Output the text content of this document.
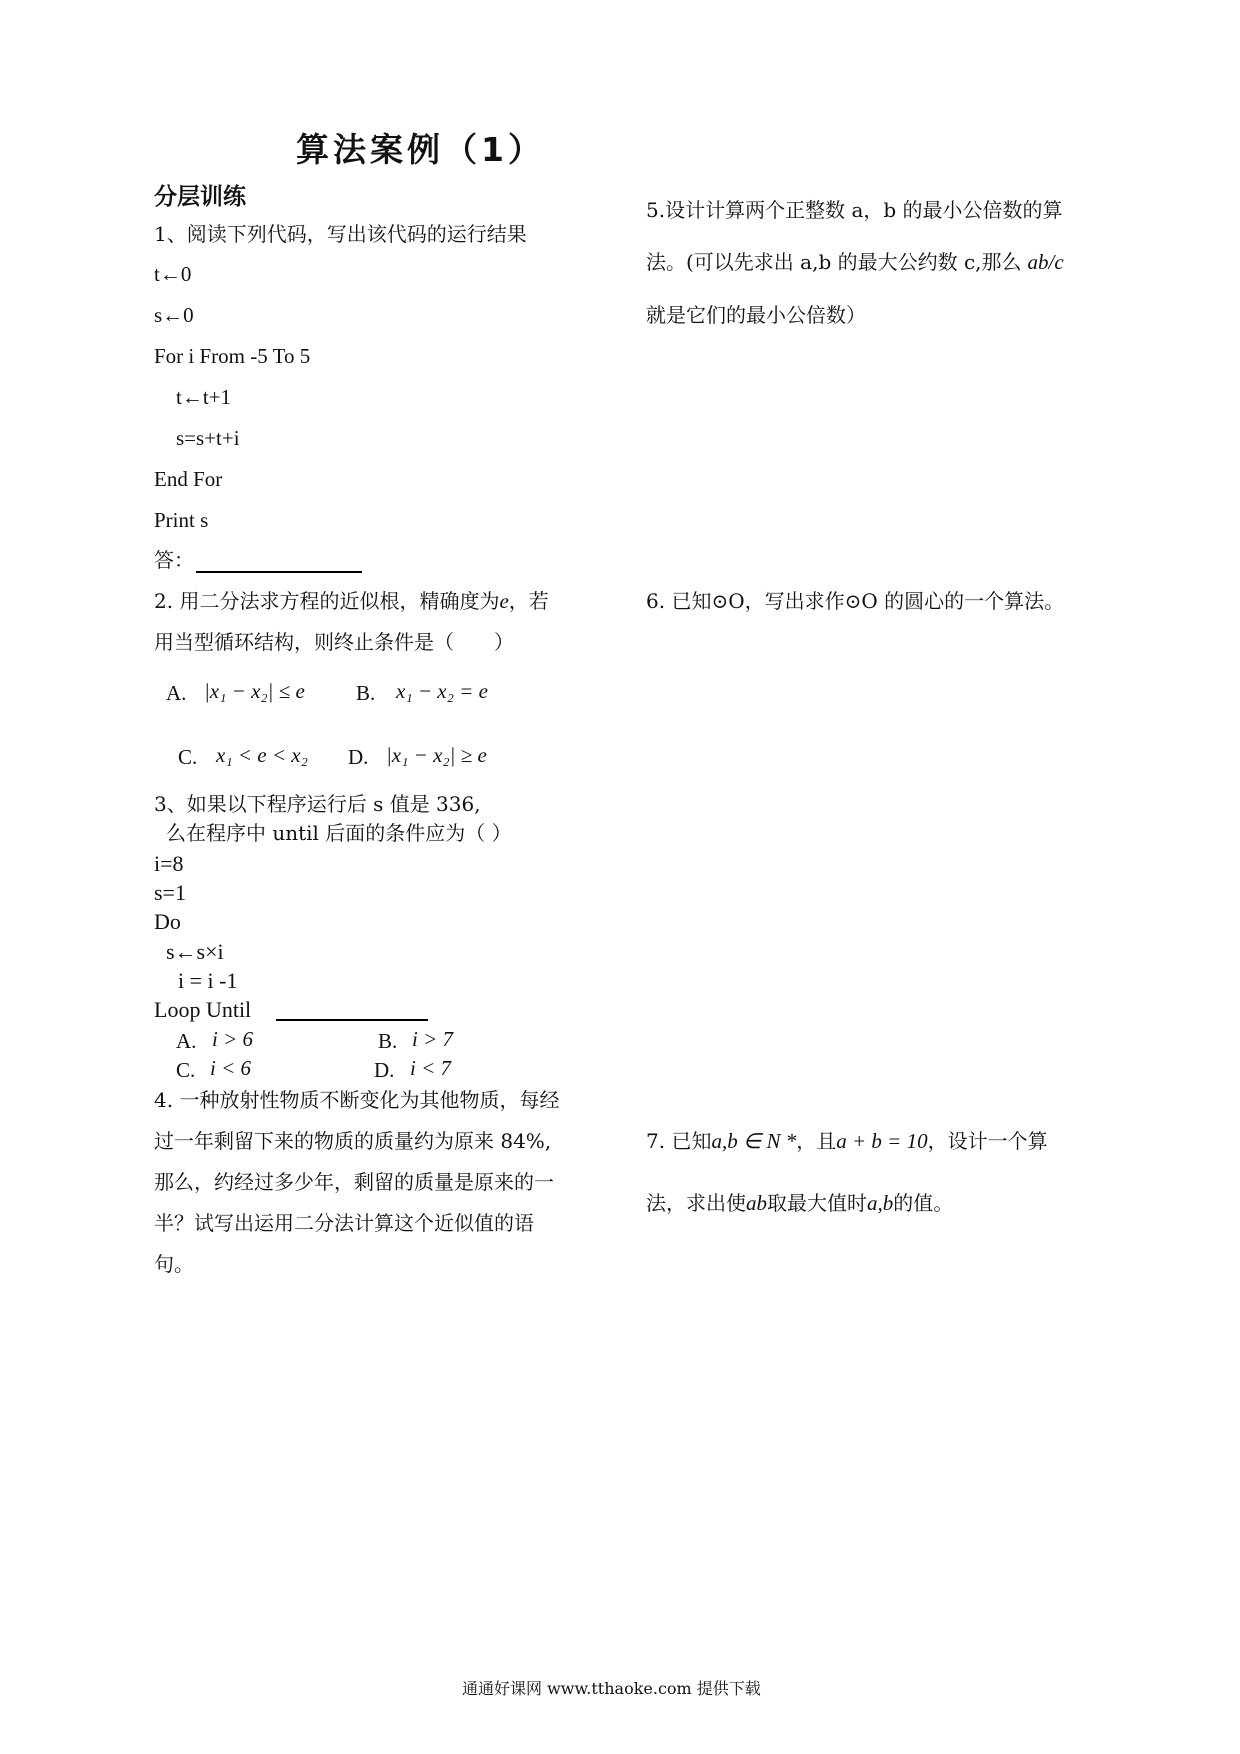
算法案例（1）
分层训练
1、阅读下列代码，写出该代码的运行结果
t←0
s←0
For i From -5 To 5
t←t+1
s=s+t+i
End For
Print s
答：
2. 用二分法求方程的近似根，精确度为e，若
用当型循环结构，则终止条件是（　　）
A. |x₁ − x₂| ≤ e B. x₁ − x₂ = e
C. x₁ < e < x₂ D. |x₁ − x₂| ≥ e
3、如果以下程序运行后 s 值是 336,
么在程序中 until 后面的条件应为（ ）
i=8
s=1
Do
s←s×i
i = i -1
Loop Until
A. i > 6	B. i > 7
C. i < 6	D. i < 7
4. 一种放射性物质不断变化为其他物质，每经
过一年剩留下来的物质的质量约为原来 84%,
那么，约经过多少年，剩留的质量是原来的一
半？试写出运用二分法计算这个近似值的语
句。
5.设计计算两个正整数 a，b 的最小公倍数的算
法。(可以先求出 a,b 的最大公约数 c,那么 ab/c
就是它们的最小公倍数）
6. 已知⊙O，写出求作⊙O 的圆心的一个算法。
7. 已知a,b ∈ N *，且a + b = 10，设计一个算
法，求出使ab取最大值时a,b的值。
通通好课网 www.tthaoke.com 提供下载
